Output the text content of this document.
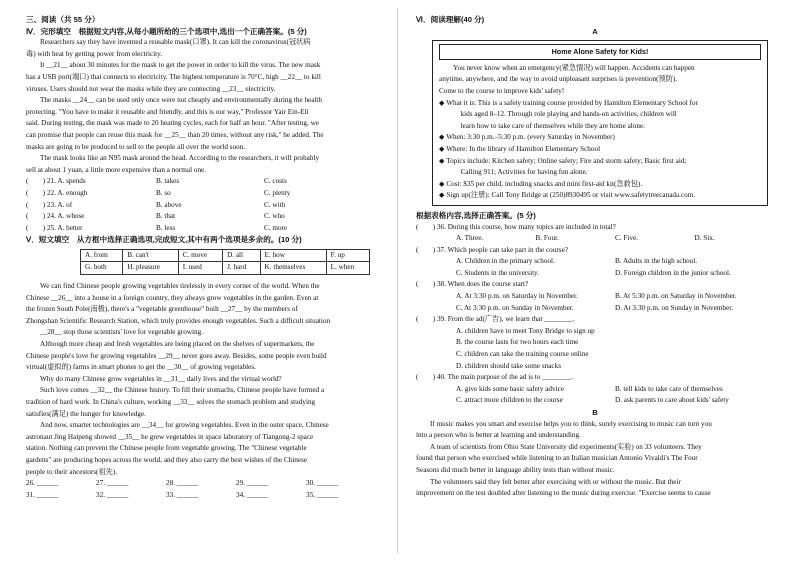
三、阅读（共 55 分）

Ⅳ．完形填空　根据短文内容,从每小题所给的三个选项中,选出一个正确答案。(5 分)

Researchers say they have invented a reusable mask(口罩). It can kill the coronavirus(冠状病

毒) with heat by getting power from electricity.

It __21__ about 30 minutes for the mask to get the power in order to kill the virus. The new mask

has a USB port(端口) that connects to electricity. The highest temperature is 70°C, high __22__ to kill

viruses. Users should not wear the masks while they are connecting __23__ electricity.

The masks __24__ can be used only once were not cheaply and environmentally during the health

protecting. "You have to make it reusable and friendly, and this is our way," Professor Yair Ein-Eli

said. During testing, the mask was made to 20 heating cycles, each for half an hour. "After testing, we

can promise that people can reuse this mask for __25__ than 20 times, without any risk," he added. The

masks are going to be produced to sell to the people all over the world soon.

The mask looks like an N95 mask around the head. According to the researchers, it will probably

sell at about 1 yuan, a little more expensive than a normal one.

(　　) 21. A. spends	B. takes	C. costs
(　　) 22. A. enough	B. so	C. plenty
(　　) 23. A. of	B. above	C. with
(　　) 24. A. whose	B. that	C. who
(　　) 25. A. better	B. less	C. more

Ⅴ．短文填空　从方框中选择正确选项,完成短文,其中有两个选项是多余的。(10 分)

A. from	B. can't	C. move	D. all	E. how	F. up
G. both	H. pleasure	I. used	J. hard	K. themselves	L. when

We can find Chinese people growing vegetables tirelessly in every corner of the world. When the

Chinese __26__ into a house in a foreign country, they always grow vegetables in the garden. Even at

the frozen South Pole(南极), there's a "vegetable greenhouse" built __27__ by the members of

Zhongshan Scientific Research Station, which truly provides enough vegetables. Such a difficult situation

__28__ stop those scientists' love for vegetable growing.

Although more cheap and fresh vegetables are being placed on the shelves of supermarkets, the

Chinese people's love for growing vegetables __29__ never goes away. Besides, some people even build

virtual(虚拟的) farms in smart phones to get the __30__ of growing vegetables.

Why do many Chinese grow vegetables in __31__ daily lives and the virtual world?

Such love comes __32__ the Chinese history. To fill their stomachs, Chinese people have formed a

tradition of hard work. In China's culture, working __33__ solves the stomach problem and studying

satisfies(满足) the hunger for knowledge.

And now, smarter technologies are __34__ for growing vegetables. Even in the outer space, Chinese

astronaut Jing Haipeng showed __35__ he grew vegetables in space laboratory of Tiangong-2 space

station. Nothing can prevent the Chinese people from vegetable growing. The "Chinese vegetable

gardens" are producing hopes across the world, and they also carry the best wishes of the Chinese

people to their ancestors(祖先).

26. ______	27. ______	28. ______	29. ______	30. ______
31. ______	32. ______	33. ______	34. ______	35. ______

Ⅵ．阅读理解(40 分)

A

Home Alone Safety for Kids!

You never know when an emergency(紧急情况) will happen. Accidents can happen

anytime, anywhere, and the way to avoid unpleasant surprises is prevention(预防).

Come to the course to improve kids' safety!

◆ What it is: This is a safety training course provided by Hamilton Elementary School for

　　　kids aged 8–12. Through role playing and hands-on activities, children will

　　　learn how to take care of themselves while they are home alone.

◆ When: 3:30 p.m.–5:30 p.m. (every Saturday in November)

◆ Where: In the library of Hamilton Elementary School

◆ Topics include: Kitchen safety; Online safety; Fire and storm safety; Basic first aid;

　　　Calling 911; Activities for having fun alone.

◆ Cost: $35 per child, including snacks and mini first-aid kit(急救包).

◆ Sign up(注册): Call Tony Bridge at (250)8930495 or visit www.safetytreecanada.com.

根据表格内容,选择正确答案。(5 分)

(　　) 36. During this course, how many topics are included in total?

A. Three.	B. Four.	C. Five.	D. Six.

(　　) 37. Which people can take part in the course?

A. Children in the primary school.	B. Adults in the high school.
C. Students in the university.	D. Foreign children in the junior school.

(　　) 38. When does the course start?

A. At 3:30 p.m. on Saturday in November.	B. At 5:30 p.m. on Saturday in November.
C. At 3:30 p.m. on Sunday in November.	D. At 3:30 p.m. on Sunday in November.

(　　) 39. From the ad(广告), we learn that ________.

A. children have to meet Tony Bridge to sign up

B. the course lasts for two hours each time

C. children can take the training course online

D. children should take some snacks

(　　) 40. The main purpose of the ad is to ________.

A. give kids some basic safety advice	B. tell kids to take care of themselves
C. attract more children to the course	D. ask parents to care about kids' safety

B

If music makes you smart and exercise helps you to think, surely exercising to music can turn you

into a person who is better at learning and understanding.

A team of scientists from Ohio State University did experiments(实验) on 33 volunteers. They

found that person who exercised while listening to an Italian musician Antonio Vivaldi's The Four

Seasons did much better in language ability tests than without music.

The volunteers said they felt better after exercising with or without the music. But their

improvement on the test doubled after listening to the music during exercise. "Exercise seems to cause
